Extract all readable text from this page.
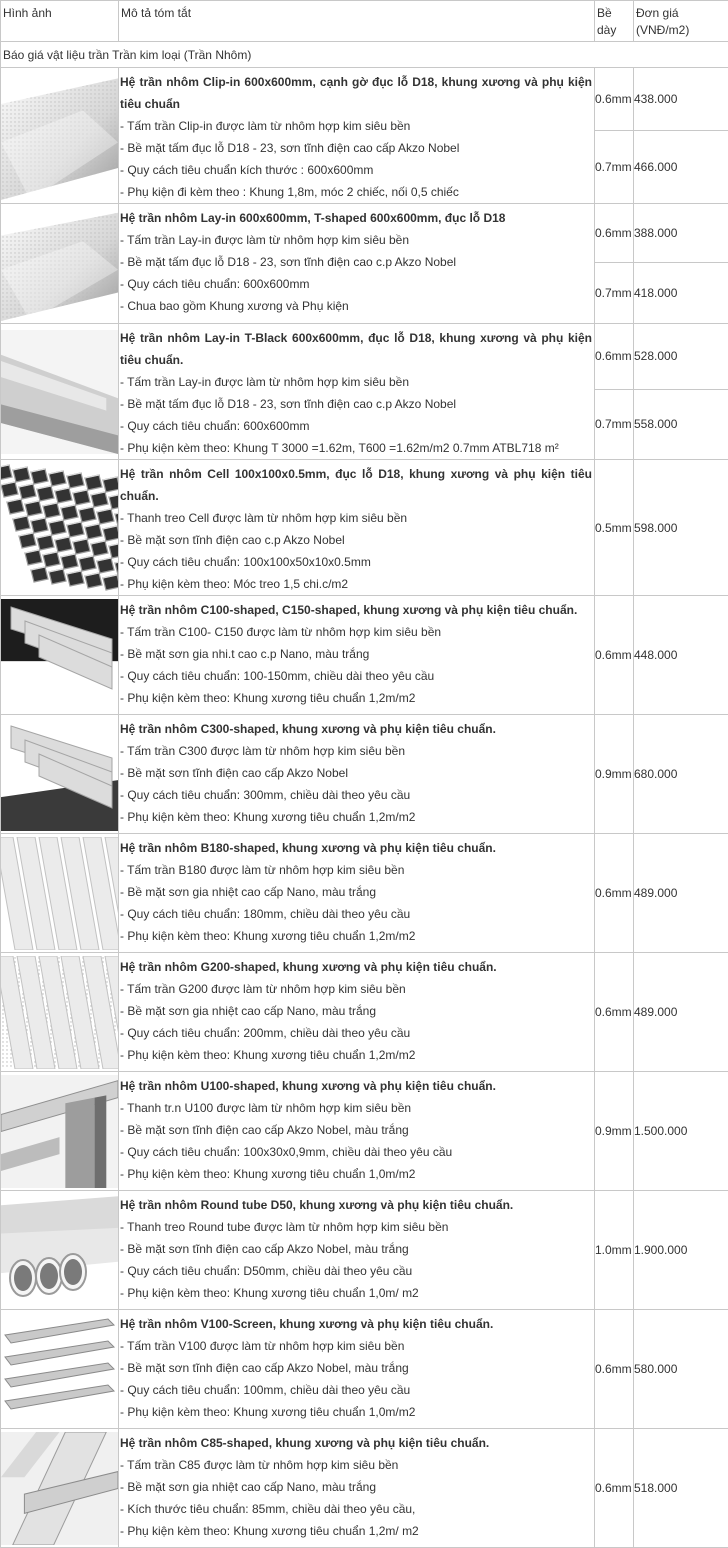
Hình ảnh	Mô tả tóm tắt	Bề dày	Đơn giá (VNĐ/m2)
Báo giá vật liệu trần Trần kim loại (Trần Nhôm)			

Hệ trần nhôm Clip-in 600x600mm, cạnh gờ đục lỗ D18, khung xương và phụ kiện tiêu chuẩn
- Tấm trần Clip-in được làm từ nhôm hợp kim siêu bền
- Bề mặt tấm đục lỗ D18 - 23, sơn tĩnh điện cao cấp Akzo Nobel
- Quy cách tiêu chuẩn kích thước : 600x600mm
- Phụ kiện đi kèm theo : Khung 1,8m, móc 2 chiếc, nối 0,5 chiếc	0.6mm	438.000
		0.7mm	466.000

Hệ trần nhôm Lay-in 600x600mm, T-shaped 600x600mm, đục lỗ D18
- Tấm trần Lay-in được làm từ nhôm hợp kim siêu bền
- Bề mặt tấm đục lỗ D18 - 23, sơn tĩnh điện cao c.p Akzo Nobel
- Quy cách tiêu chuẩn: 600x600mm
- Chua bao gồm Khung xương và Phụ kiện	0.6mm	388.000
		0.7mm	418.000

Hệ trần nhôm Lay-in T-Black 600x600mm, đục lỗ D18, khung xương và phụ kiện tiêu chuẩn.
- Tấm trần Lay-in được làm từ nhôm hợp kim siêu bền
- Bề mặt tấm đục lỗ D18 - 23, sơn tĩnh điện cao c.p Akzo Nobel
- Quy cách tiêu chuẩn: 600x600mm
- Phụ kiện kèm theo: Khung T 3000 =1.62m, T600 =1.62m/m2 0.7mm ATBL718 m²	0.6mm	528.000
		0.7mm	558.000

Hệ trần nhôm Cell 100x100x0.5mm, đục lỗ D18, khung xương và phụ kiện tiêu chuẩn.
- Thanh treo Cell được làm từ nhôm hợp kim siêu bền
- Bề mặt sơn tĩnh điện cao c.p Akzo Nobel
- Quy cách tiêu chuẩn: 100x100x50x10x0.5mm
- Phụ kiện kèm theo: Móc treo 1,5 chi.c/m2	0.5mm	598.000

Hệ trần nhôm C100-shaped, C150-shaped, khung xương và phụ kiện tiêu chuẩn.
- Tấm trần C100- C150 được làm từ nhôm hợp kim siêu bền
- Bề mặt sơn gia nhi.t cao c.p Nano, màu trắng
- Quy cách tiêu chuẩn: 100-150mm, chiều dài theo yêu cầu
- Phụ kiện kèm theo: Khung xương tiêu chuẩn 1,2m/m2	0.6mm	448.000

Hệ trần nhôm C300-shaped, khung xương và phụ kiện tiêu chuẩn.
- Tấm trần C300 được làm từ nhôm hợp kim siêu bền
- Bề mặt sơn tĩnh điện cao cấp Akzo Nobel
- Quy cách tiêu chuẩn: 300mm, chiều dài theo yêu cầu
- Phụ kiện kèm theo: Khung xương tiêu chuẩn 1,2m/m2	0.9mm	680.000

Hệ trần nhôm B180-shaped, khung xương và phụ kiện tiêu chuẩn.
- Tấm trần B180 được làm từ nhôm hợp kim siêu bền
- Bề mặt sơn gia nhiệt cao cấp Nano, màu trắng
- Quy cách tiêu chuẩn: 180mm, chiều dài theo yêu cầu
- Phụ kiện kèm theo: Khung xương tiêu chuẩn 1,2m/m2	0.6mm	489.000

Hệ trần nhôm G200-shaped, khung xương và phụ kiện tiêu chuẩn.
- Tấm trần G200 được làm từ nhôm hợp kim siêu bền
- Bề mặt sơn gia nhiệt cao cấp Nano, màu trắng
- Quy cách tiêu chuẩn: 200mm, chiều dài theo yêu cầu
- Phụ kiện kèm theo: Khung xương tiêu chuẩn 1,2m/m2	0.6mm	489.000

Hệ trần nhôm U100-shaped, khung xương và phụ kiện tiêu chuẩn.
- Thanh tr.n U100 được làm từ nhôm hợp kim siêu bền
- Bề mặt sơn tĩnh điện cao cấp Akzo Nobel, màu trắng
- Quy cách tiêu chuẩn: 100x30x0,9mm, chiều dài theo yêu cầu
- Phụ kiện kèm theo: Khung xương tiêu chuẩn 1,0m/m2	0.9mm	1.500.000

Hệ trần nhôm Round tube D50, khung xương và phụ kiện tiêu chuẩn.
- Thanh treo Round tube được làm từ nhôm hợp kim siêu bền
- Bề mặt sơn tĩnh điện cao cấp Akzo Nobel, màu trắng
- Quy cách tiêu chuẩn: D50mm, chiều dài theo yêu cầu
- Phụ kiện kèm theo: Khung xương tiêu chuẩn 1,0m/ m2	1.0mm	1.900.000

Hệ trần nhôm V100-Screen, khung xương và phụ kiện tiêu chuẩn.
- Tấm trần V100 được làm từ nhôm hợp kim siêu bền
- Bề mặt sơn tĩnh điện cao cấp Akzo Nobel, màu trắng
- Quy cách tiêu chuẩn: 100mm, chiều dài theo yêu cầu
- Phụ kiện kèm theo: Khung xương tiêu chuẩn 1,0m/m2	0.6mm	580.000

Hệ trần nhôm C85-shaped, khung xương và phụ kiện tiêu chuẩn.
- Tấm trần C85 được làm từ nhôm hợp kim siêu bền
- Bề mặt sơn gia nhiệt cao cấp Nano, màu trắng
- Kích thước tiêu chuẩn: 85mm, chiều dài theo yêu cầu,
- Phụ kiện kèm theo: Khung xương tiêu chuẩn 1,2m/ m2	0.6mm	518.000
